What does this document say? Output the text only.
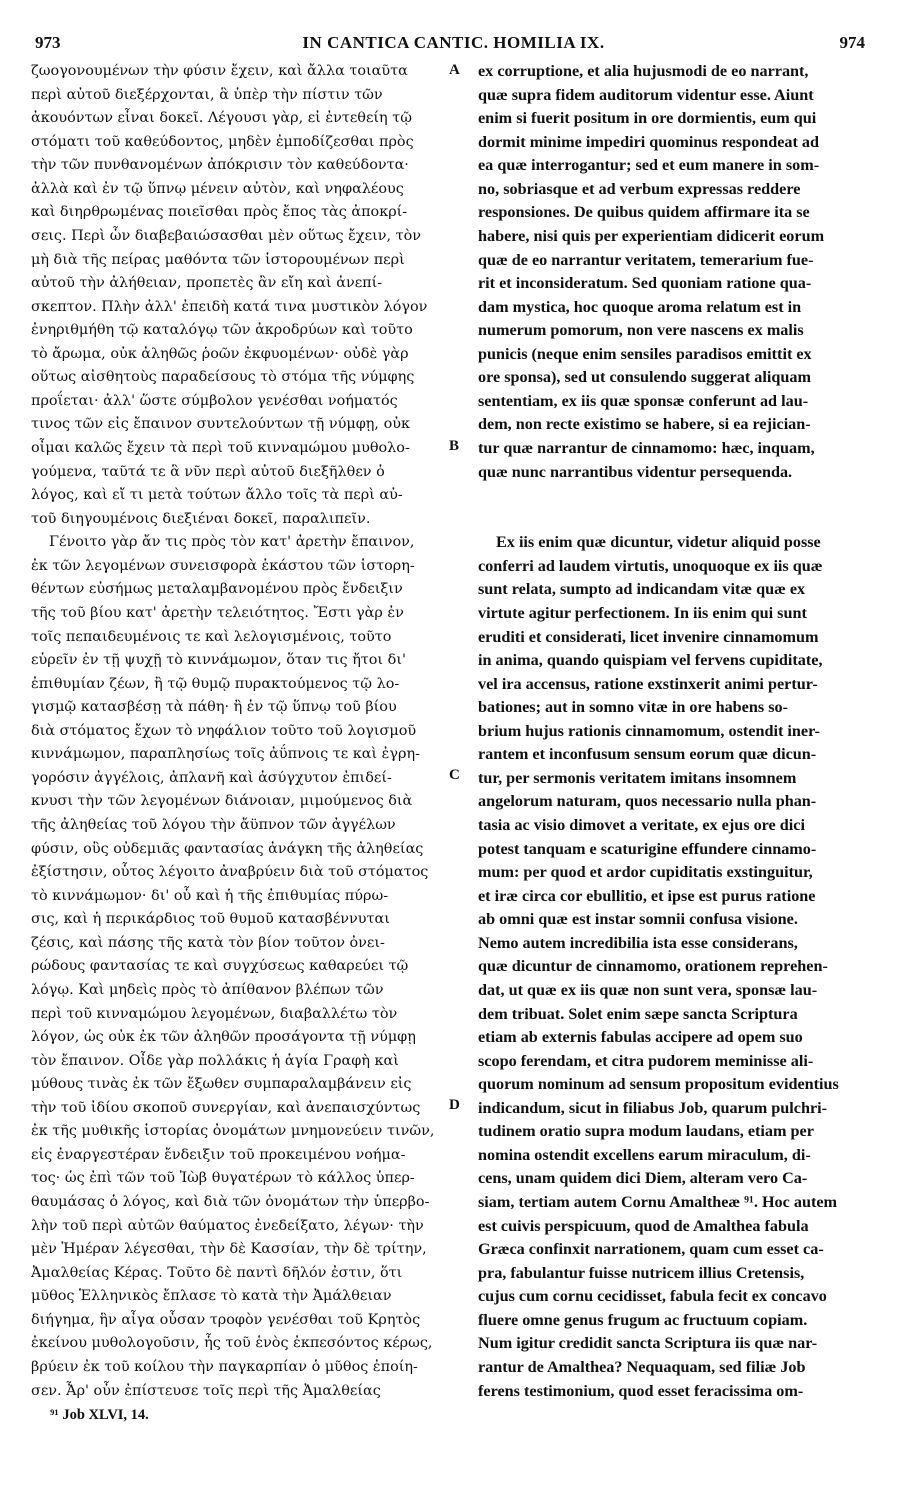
973	IN CANTICA CANTIC. HOMILIA IX.	974
ζωογονουμένων τὴν φύσιν ἔχειν, καὶ ἄλλα τοιαῦτα
περὶ αὐτοῦ διεξέρχονται, ἃ ὑπὲρ τὴν πίστιν τῶν
ἀκουόντων εἶναι δοκεῖ. Λέγουσι γὰρ, εἰ ἐντεθείη τῷ
στόματι τοῦ καθεύδοντος, μηδὲν ἐμποδίζεσθαι πρὸς
τὴν τῶν πυνθανομένων ἀπόκρισιν τὸν καθεύδοντα·
ἀλλὰ καὶ ἐν τῷ ὕπνῳ μένειν αὐτὸν, καὶ νηφαλέους
καὶ διηρθρωμένας ποιεῖσθαι πρὸς ἔπος τὰς ἀποκρί-
σεις. Περὶ ὧν διαβεβαιώσασθαι μὲν οὕτως ἔχειν, τὸν
μὴ διὰ τῆς πείρας μαθόντα τῶν ἱστορουμένων περὶ
αὐτοῦ τὴν ἀλήθειαν, προπετὲς ἂν εἴη καὶ ἀνεπί-
σκεπτον. Πλὴν ἀλλ' ἐπειδὴ κατά τινα μυστικὸν λόγον
ἐνηριθμήθη τῷ καταλόγῳ τῶν ἀκροδρύων καὶ τοῦτο
τὸ ἄρωμα, οὐκ ἀληθῶς ῥοῶν ἐκφυομένων· οὐδὲ γὰρ
οὕτως αἰσθητοὺς παραδείσους τὸ στόμα τῆς νύμφης
προΐεται· ἀλλ' ὥστε σύμβολον γενέσθαι νοήματός
τινος τῶν εἰς ἔπαινον συντελούντων τῇ νύμφῃ, οὐκ
οἶμαι καλῶς ἔχειν τὰ περὶ τοῦ κινναμώμου μυθολο-
γούμενα, ταῦτά τε ἃ νῦν περὶ αὐτοῦ διεξῆλθεν ὁ
λόγος, καὶ εἴ τι μετὰ τούτων ἄλλο τοῖς τὰ περὶ αὐ-
τοῦ διηγουμένοις διεξιέναι δοκεῖ, παραλιπεῖν.
Γένοιτο γὰρ ἄν τις πρὸς τὸν κατ' ἀρετὴν ἔπαινον,
ἐκ τῶν λεγομένων συνεισφορὰ ἑκάστου τῶν ἱστορη-
θέντων εὐσήμως μεταλαμβανομένου πρὸς ἔνδειξιν
τῆς τοῦ βίου κατ' ἀρετὴν τελειότητος. Ἔστι γὰρ ἐν
τοῖς πεπαιδευμένοις τε καὶ λελογισμένοις, τοῦτο
εὑρεῖν ἐν τῇ ψυχῇ τὸ κιννάμωμον, ὅταν τις ἤτοι δι'
ἐπιθυμίαν ζέων, ἢ τῷ θυμῷ πυρακτούμενος τῷ λο-
γισμῷ κατασβέσῃ τὰ πάθη· ἢ ἐν τῷ ὕπνῳ τοῦ βίου
διὰ στόματος ἔχων τὸ νηφάλιον τοῦτο τοῦ λογισμοῦ
κιννάμωμον, παραπλησίως τοῖς ἀΰπνοις τε καὶ ἐγρη-
γορόσιν ἀγγέλοις, ἀπλανῆ καὶ ἀσύγχυτον ἐπιδεί-
κνυσι τὴν τῶν λεγομένων διάνοιαν, μιμούμενος διὰ
τῆς ἀληθείας τοῦ λόγου τὴν ἄϋπνον τῶν ἀγγέλων
φύσιν, οὓς οὐδεμιᾶς φαντασίας ἀνάγκη τῆς ἀληθείας
ἐξίστησιν, οὗτος λέγοιτο ἀναβρύειν διὰ τοῦ στόματος
τὸ κιννάμωμον· δι' οὗ καὶ ἡ τῆς ἐπιθυμίας πύρω-
σις, καὶ ἡ περικάρδιος τοῦ θυμοῦ κατασβέννυται
ζέσις, καὶ πάσης τῆς κατὰ τὸν βίον τοῦτον ὀνει-
ρώδους φαντασίας τε καὶ συγχύσεως καθαρεύει τῷ
λόγῳ. Καὶ μηδεὶς πρὸς τὸ ἀπίθανον βλέπων τῶν
περὶ τοῦ κινναμώμου λεγομένων, διαβαλλέτω τὸν
λόγον, ὡς οὐκ ἐκ τῶν ἀληθῶν προσάγοντα τῇ νύμφῃ
τὸν ἔπαινον. Οἶδε γὰρ πολλάκις ἡ ἁγία Γραφὴ καὶ
μύθους τινὰς ἐκ τῶν ἔξωθεν συμπαραλαμβάνειν εἰς
τὴν τοῦ ἰδίου σκοποῦ συνεργίαν, καὶ ἀνεπαισχύντως
ἐκ τῆς μυθικῆς ἱστορίας ὀνομάτων μνημονεύειν τινῶν,
εἰς ἐναργεστέραν ἔνδειξιν τοῦ προκειμένου νοήμα-
τος· ὡς ἐπὶ τῶν τοῦ Ἰὼβ θυγατέρων τὸ κάλλος ὑπερ-
θαυμάσας ὁ λόγος, καὶ διὰ τῶν ὀνομάτων τὴν ὑπερβο-
λὴν τοῦ περὶ αὐτῶν θαύματος ἐνεδείξατο, λέγων· τὴν
μὲν Ἡμέραν λέγεσθαι, τὴν δὲ Κασσίαν, τὴν δὲ τρίτην,
Ἀμαλθείας Κέρας. Τοῦτο δὲ παντὶ δῆλόν ἐστιν, ὅτι
μῦθος Ἑλληνικὸς ἔπλασε τὸ κατὰ τὴν Ἀμάλθειαν
διήγημα, ἣν αἶγα οὖσαν τροφὸν γενέσθαι τοῦ Κρητὸς
ἐκείνου μυθολογοῦσιν, ἧς τοῦ ἑνὸς ἐκπεσόντος κέρως,
βρύειν ἐκ τοῦ κοίλου τὴν παγκαρπίαν ὁ μῦθος ἐποίη-
σεν. Ἆρ' οὖν ἐπίστευσε τοῖς περὶ τῆς Ἀμαλθείας
ex corruptione, et alia hujusmodi de eo narrant,
quæ supra fidem auditorum videntur esse. Aiunt
enim si fuerit positum in ore dormientis, eum qui
dormit minime impediri quominus respondeat ad
ea quæ interrogantur; sed et eum manere in som-
no, sobriasque et ad verbum expressas reddere
responsiones. De quibus quidem affirmare ita se
habere, nisi quis per experientiam didicerit eorum
quæ de eo narrantur veritatem, temerarium fue-
rit et inconsideratum. Sed quoniam ratione qua-
dam mystica, hoc quoque aroma relatum est in
numerum pomorum, non vere nascens ex malis
punicis (neque enim sensiles paradisos emittit ex
ore sponsa), sed ut consulendo suggerat aliquam
sententiam, ex iis quæ sponsæ conferunt ad lau-
dem, non recte existimo se habere, si ea rejician-
tur quæ narrantur de cinnamomo: hæc, inquam,
quæ nunc narrantibus videntur persequenda.
Ex iis enim quæ dicuntur, videtur aliquid posse
conferri ad laudem virtutis, unoquoque ex iis quæ
sunt relata, sumpto ad indicandam vitæ quæ ex
virtute agitur perfectionem. In iis enim qui sunt
eruditi et considerati, licet invenire cinnamomum
in anima, quando quispiam vel fervens cupiditate,
vel ira accensus, ratione exstinxerit animi pertur-
bationes; aut in somno vitæ in ore habens so-
brium hujus rationis cinnamomum, ostendit iner-
rantem et inconfusum sensum eorum quæ dicun-
tur, per sermonis veritatem imitans insomnem
angelorum naturam, quos necessario nulla phan-
tasia ac visio dimovet a veritate, ex ejus ore dici
potest tanquam e scaturigine effundere cinnamo-
mum: per quod et ardor cupiditatis exstinguitur,
et iræ circa cor ebullitio, et ipse est purus ratione
ab omni quæ est instar somnii confusa visione.
Nemo autem incredibilia ista esse considerans,
quæ dicuntur de cinnamomo, orationem reprehen-
dat, ut quæ ex iis quæ non sunt vera, sponsæ lau-
dem tribuat. Solet enim sæpe sancta Scriptura
etiam ab externis fabulas accipere ad opem suo
scopo ferendam, et citra pudorem meminisse ali-
quorum nominum ad sensum propositum evidentius
indicandum, sicut in filiabus Job, quarum pulchri-
tudinem oratio supra modum laudans, etiam per
nomina ostendit excellens earum miraculum, di-
cens, unam quidem dici Diem, alteram vero Ca-
siam, tertiam autem Cornu Amaltheæ ⁹¹. Hoc autem
est cuivis perspicuum, quod de Amalthea fabula
Græca confinxit narrationem, quam cum esset ca-
pra, fabulantur fuisse nutricem illius Cretensis,
cujus cum cornu cecidisset, fabula fecit ex concavo
fluere omne genus frugum ac fructuum copiam.
Num igitur credidit sancta Scriptura iis quæ nar-
rantur de Amalthea? Nequaquam, sed filiæ Job
ferens testimonium, quod esset feracissima om-
A
B
C
D
⁹¹ Job XLVI, 14.
